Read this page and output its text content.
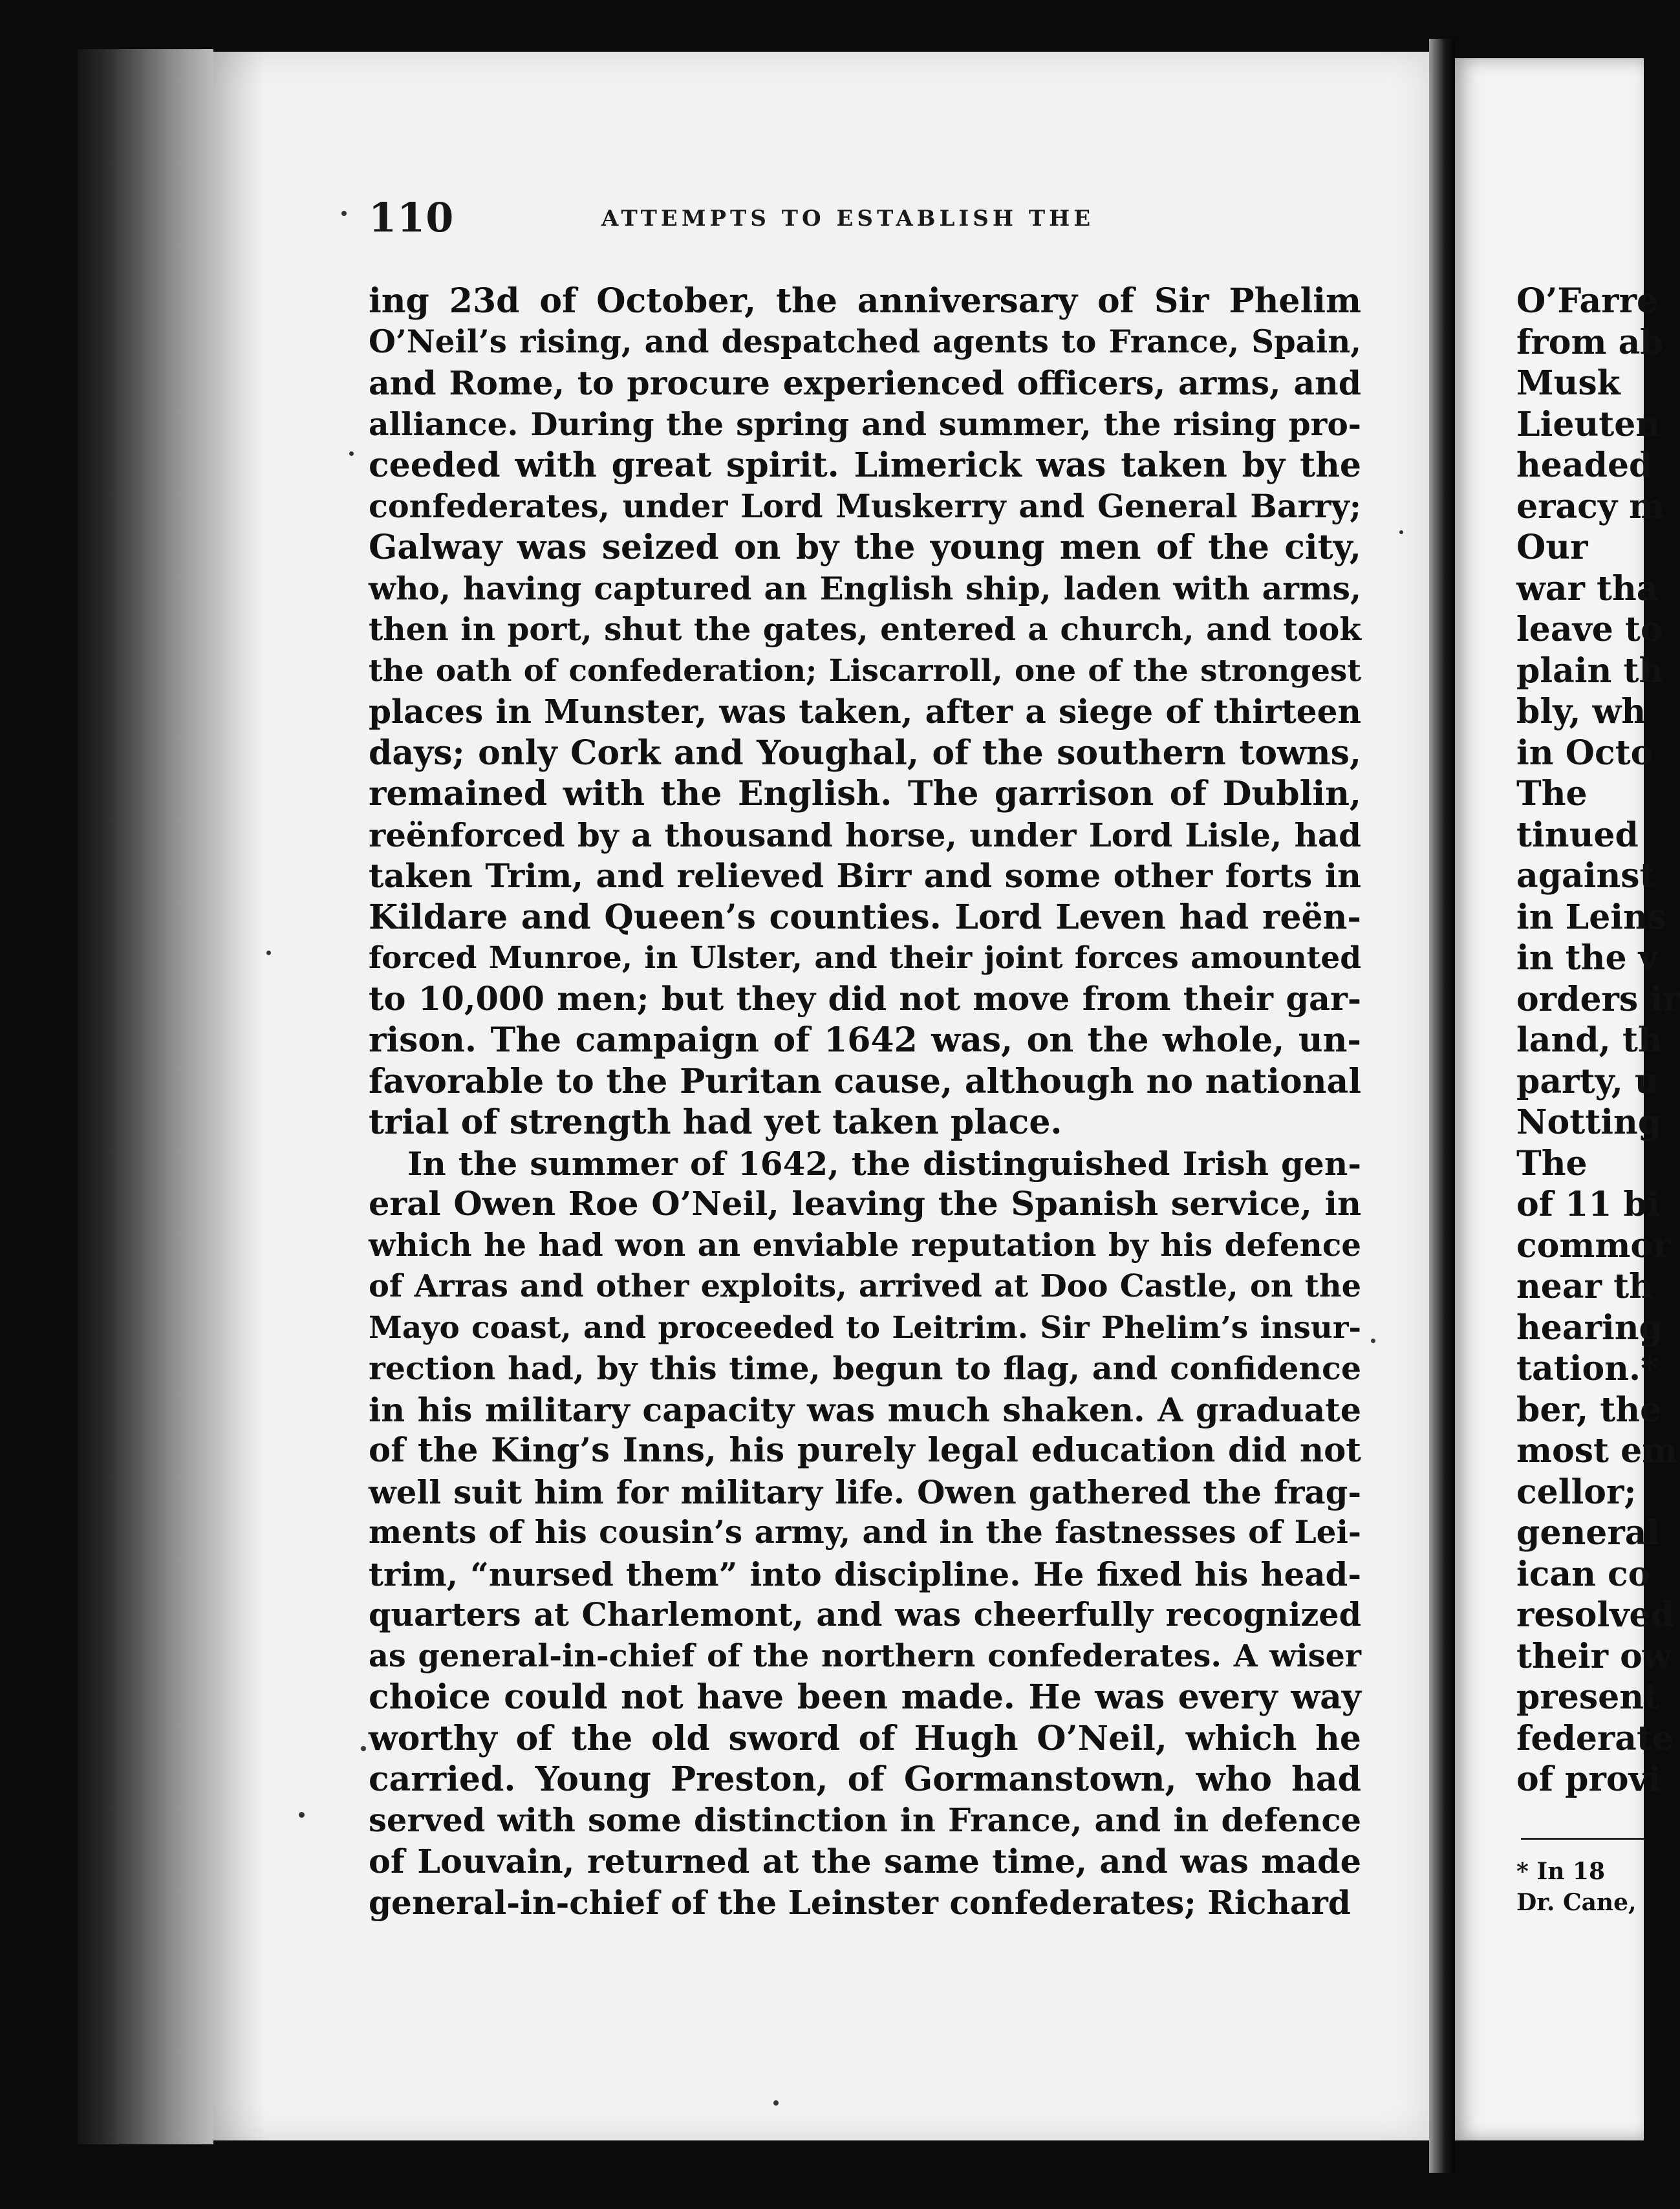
110	ATTEMPTS TO ESTABLISH THE
ing 23d of October, the anniversary of Sir Phelim
O’Neil’s rising, and despatched agents to France, Spain,
and Rome, to procure experienced officers, arms, and
alliance. During the spring and summer, the rising pro-
ceeded with great spirit. Limerick was taken by the
confederates, under Lord Muskerry and General Barry;
Galway was seized on by the young men of the city,
who, having captured an English ship, laden with arms,
then in port, shut the gates, entered a church, and took
the oath of confederation; Liscarroll, one of the strongest
places in Munster, was taken, after a siege of thirteen
days; only Cork and Youghal, of the southern towns,
remained with the English. The garrison of Dublin,
reënforced by a thousand horse, under Lord Lisle, had
taken Trim, and relieved Birr and some other forts in
Kildare and Queen’s counties. Lord Leven had reën-
forced Munroe, in Ulster, and their joint forces amounted
to 10,000 men; but they did not move from their gar-
rison. The campaign of 1642 was, on the whole, un-
favorable to the Puritan cause, although no national
trial of strength had yet taken place.
In the summer of 1642, the distinguished Irish gen-
eral Owen Roe O’Neil, leaving the Spanish service, in
which he had won an enviable reputation by his defence
of Arras and other exploits, arrived at Doo Castle, on the
Mayo coast, and proceeded to Leitrim. Sir Phelim’s insur-
rection had, by this time, begun to flag, and confidence
in his military capacity was much shaken. A graduate
of the King’s Inns, his purely legal education did not
well suit him for military life. Owen gathered the frag-
ments of his cousin’s army, and in the fastnesses of Lei-
trim, “nursed them” into discipline. He fixed his head-
quarters at Charlemont, and was cheerfully recognized
as general-in-chief of the northern confederates. A wiser
choice could not have been made. He was every way
worthy of the old sword of Hugh O’Neil, which he
carried. Young Preston, of Gormanstown, who had
served with some distinction in France, and in defence
of Louvain, returned at the same time, and was made
general-in-chief of the Leinster confederates; Richard
O’Farre
from ab
Musk
Lieuten
headed
eracy m
Our
war tha
leave to
plain th
bly, wh
in Octo
The
tinued
against
in Leins
in the v
orders ir
land, th
party, u
Notting
The
of 11 bi
commor
near th
hearing
tation.*
ber, the
most em
cellor;
general
ican co
resolved
their ow
present
federate
of provi
* In 18
Dr. Cane,
